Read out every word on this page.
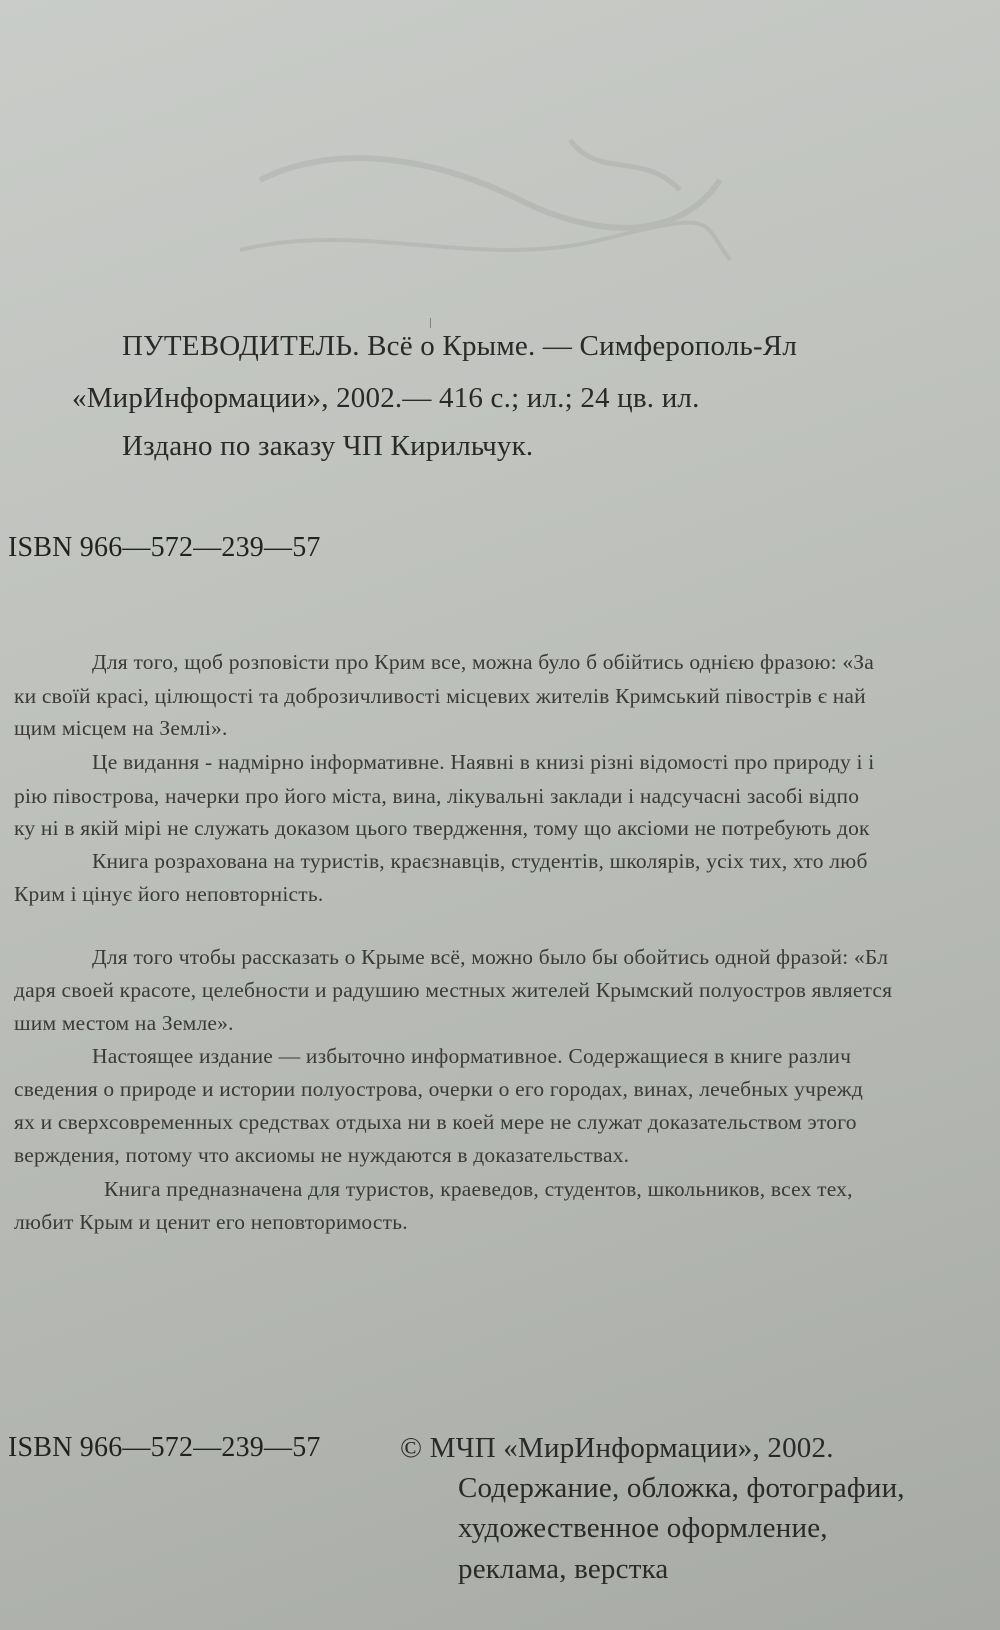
ПУТЕВОДИТЕЛЬ. Всё о Крыме. — Симферополь-Ял
«МирИнформации», 2002.— 416 с.; ил.; 24 цв. ил.
Издано по заказу ЧП Кирильчук.
ISBN 966—572—239—57
Для того, щоб розповісти про Крим все, можна було б обійтись однією фразою: «За
ки своїй красі, цілющості та доброзичливості місцевих жителів Кримський півострів є най
щим місцем на Землі».
Це видання - надмірно інформативне. Наявні в книзі різні відомості про природу і і
рію півострова, начерки про його міста, вина, лікувальні заклади і надсучасні засобі відпо
ку ні в якій мірі не служать доказом цього твердження, тому що аксіоми не потребують док
Книга розрахована на туристів, краєзнавців, студентів, школярів, усіх тих, хто люб
Крим і цінує його неповторність.
Для того чтобы рассказать о Крыме всё, можно было бы обойтись одной фразой: «Бл
даря своей красоте, целебности и радушию местных жителей Крымский полуостров является
шим местом на Земле».
Настоящее издание — избыточно информативное. Содержащиеся в книге различ
сведения о природе и истории полуострова, очерки о его городах, винах, лечебных учрежд
ях и сверхсовременных средствах отдыха ни в коей мере не служат доказательством этого
верждения, потому что аксиомы не нуждаются в доказательствах.
Книга предназначена для туристов, краеведов, студентов, школьников, всех тех,
любит Крым и ценит его неповторимость.
ISBN 966—572—239—57	© МЧП «МирИнформации», 2002.
Содержание, обложка, фотографии,
художественное оформление,
реклама, верстка
